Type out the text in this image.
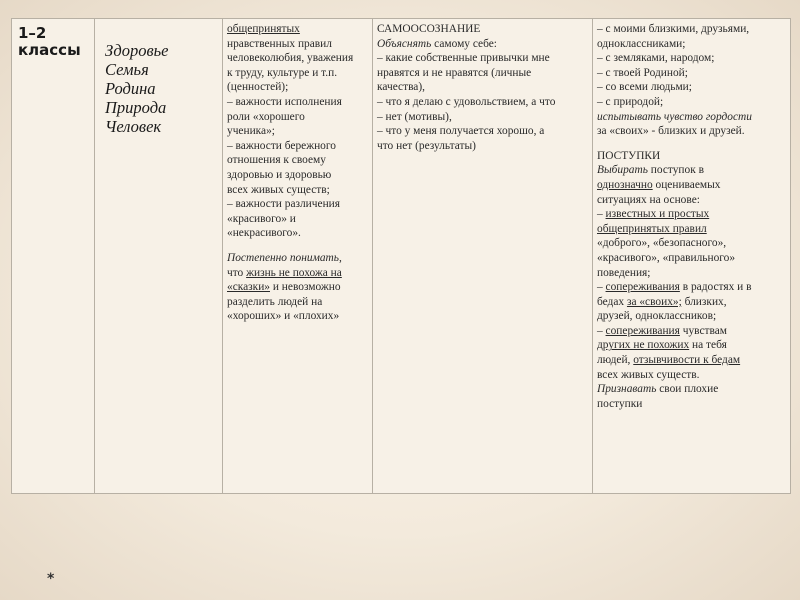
1–2 классы	Здоровье
Семья
Родина
Природа
Человек
общепринятых
нравственных правил
человеколюбия, уважения
к труду, культуре и т.п.
(ценностей);
– важности исполнения
роли «хорошего
ученика»;
– важности бережного
отношения к своему
здоровью и здоровью
всех живых существ;
– важности различения
«красивого» и
«некрасивого».
Постепенно понимать,
что жизнь не похожа на
«сказки» и невозможно
разделить людей на
«хороших» и «плохих»
САМООСОЗНАНИЕ
Объяснять самому себе:
– какие собственные привычки мне
нравятся и не нравятся (личные
качества),
– что я делаю с удовольствием, а что
– нет (мотивы),
– что у меня получается хорошо, а
что нет (результаты)
– с моими близкими, друзьями,
одноклассниками;
– с земляками, народом;
– с твоей Родиной;
– со всеми людьми;
– с природой;
испытывать чувство гордости
за «своих» - близких и друзей.
ПОСТУПКИ
Выбирать поступок в
однозначно оцениваемых
ситуациях на основе:
– известных и простых
общепринятых правил
«доброго», «безопасного»,
«красивого», «правильного»
поведения;
– сопереживания в радостях и в
бедах за «своих»; близких,
друзей, одноклассников;
– сопереживания чувствам
других не похожих на тебя
людей, отзывчивости к бедам
всех живых существ.
Признавать свои плохие
поступки
*
